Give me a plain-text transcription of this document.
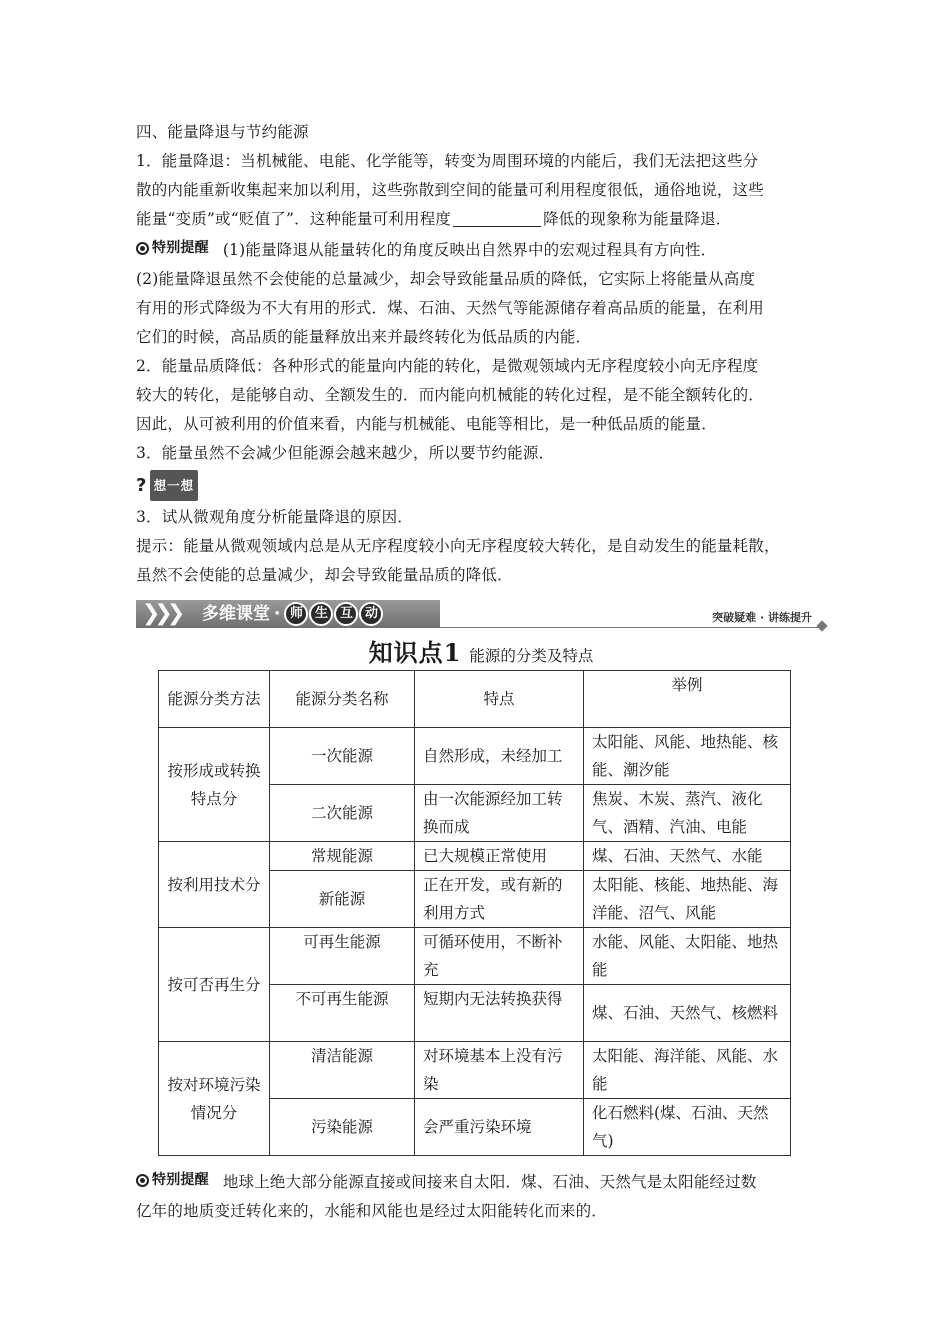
四、能量降退与节约能源
1．能量降退：当机械能、电能、化学能等，转变为周围环境的内能后，我们无法把这些分
散的内能重新收集起来加以利用，这些弥散到空间的能量可利用程度很低，通俗地说，这些
能量“变质”或“贬值了”．这种能量可利用程度	降低的现象称为能量降退．
特别提醒 (1)能量降退从能量转化的角度反映出自然界中的宏观过程具有方向性．
(2)能量降退虽然不会使能的总量减少，却会导致能量品质的降低，它实际上将能量从高度
有用的形式降级为不大有用的形式．煤、石油、天然气等能源储存着高品质的能量，在利用
它们的时候，高品质的能量释放出来并最终转化为低品质的内能．
2．能量品质降低：各种形式的能量向内能的转化，是微观领域内无序程度较小向无序程度
较大的转化，是能够自动、全额发生的．而内能向机械能的转化过程，是不能全额转化的．
因此，从可被利用的价值来看，内能与机械能、电能等相比，是一种低品质的能量．
3．能量虽然不会减少但能源会越来越少，所以要节约能源．
? 想一想
3．试从微观角度分析能量降退的原因．
提示：能量从微观领域内总是从无序程度较小向无序程度较大转化，是自动发生的能量耗散，
虽然不会使能的总量减少，却会导致能量品质的降低．
❯❯❯ 多维课堂 · 师 生 互 动	突破疑难 · 讲练提升
知识点1 能源的分类及特点
能源分类方法	能源分类名称	特点	举例
按形成或转换特点分	一次能源	自然形成，未经加工	太阳能、风能、地热能、核能、潮汐能
	二次能源	由一次能源经加工转换而成	焦炭、木炭、蒸汽、液化气、酒精、汽油、电能
按利用技术分	常规能源	已大规模正常使用	煤、石油、天然气、水能
	新能源	正在开发，或有新的利用方式	太阳能、核能、地热能、海洋能、沼气、风能
按可否再生分	可再生能源	可循环使用，不断补充	水能、风能、太阳能、地热能
	不可再生能源	短期内无法转换获得	煤、石油、天然气、核燃料
按对环境污染情况分	清洁能源	对环境基本上没有污染	太阳能、海洋能、风能、水能
	污染能源	会严重污染环境	化石燃料(煤、石油、天然气)
特别提醒 地球上绝大部分能源直接或间接来自太阳．煤、石油、天然气是太阳能经过数
亿年的地质变迁转化来的，水能和风能也是经过太阳能转化而来的．
